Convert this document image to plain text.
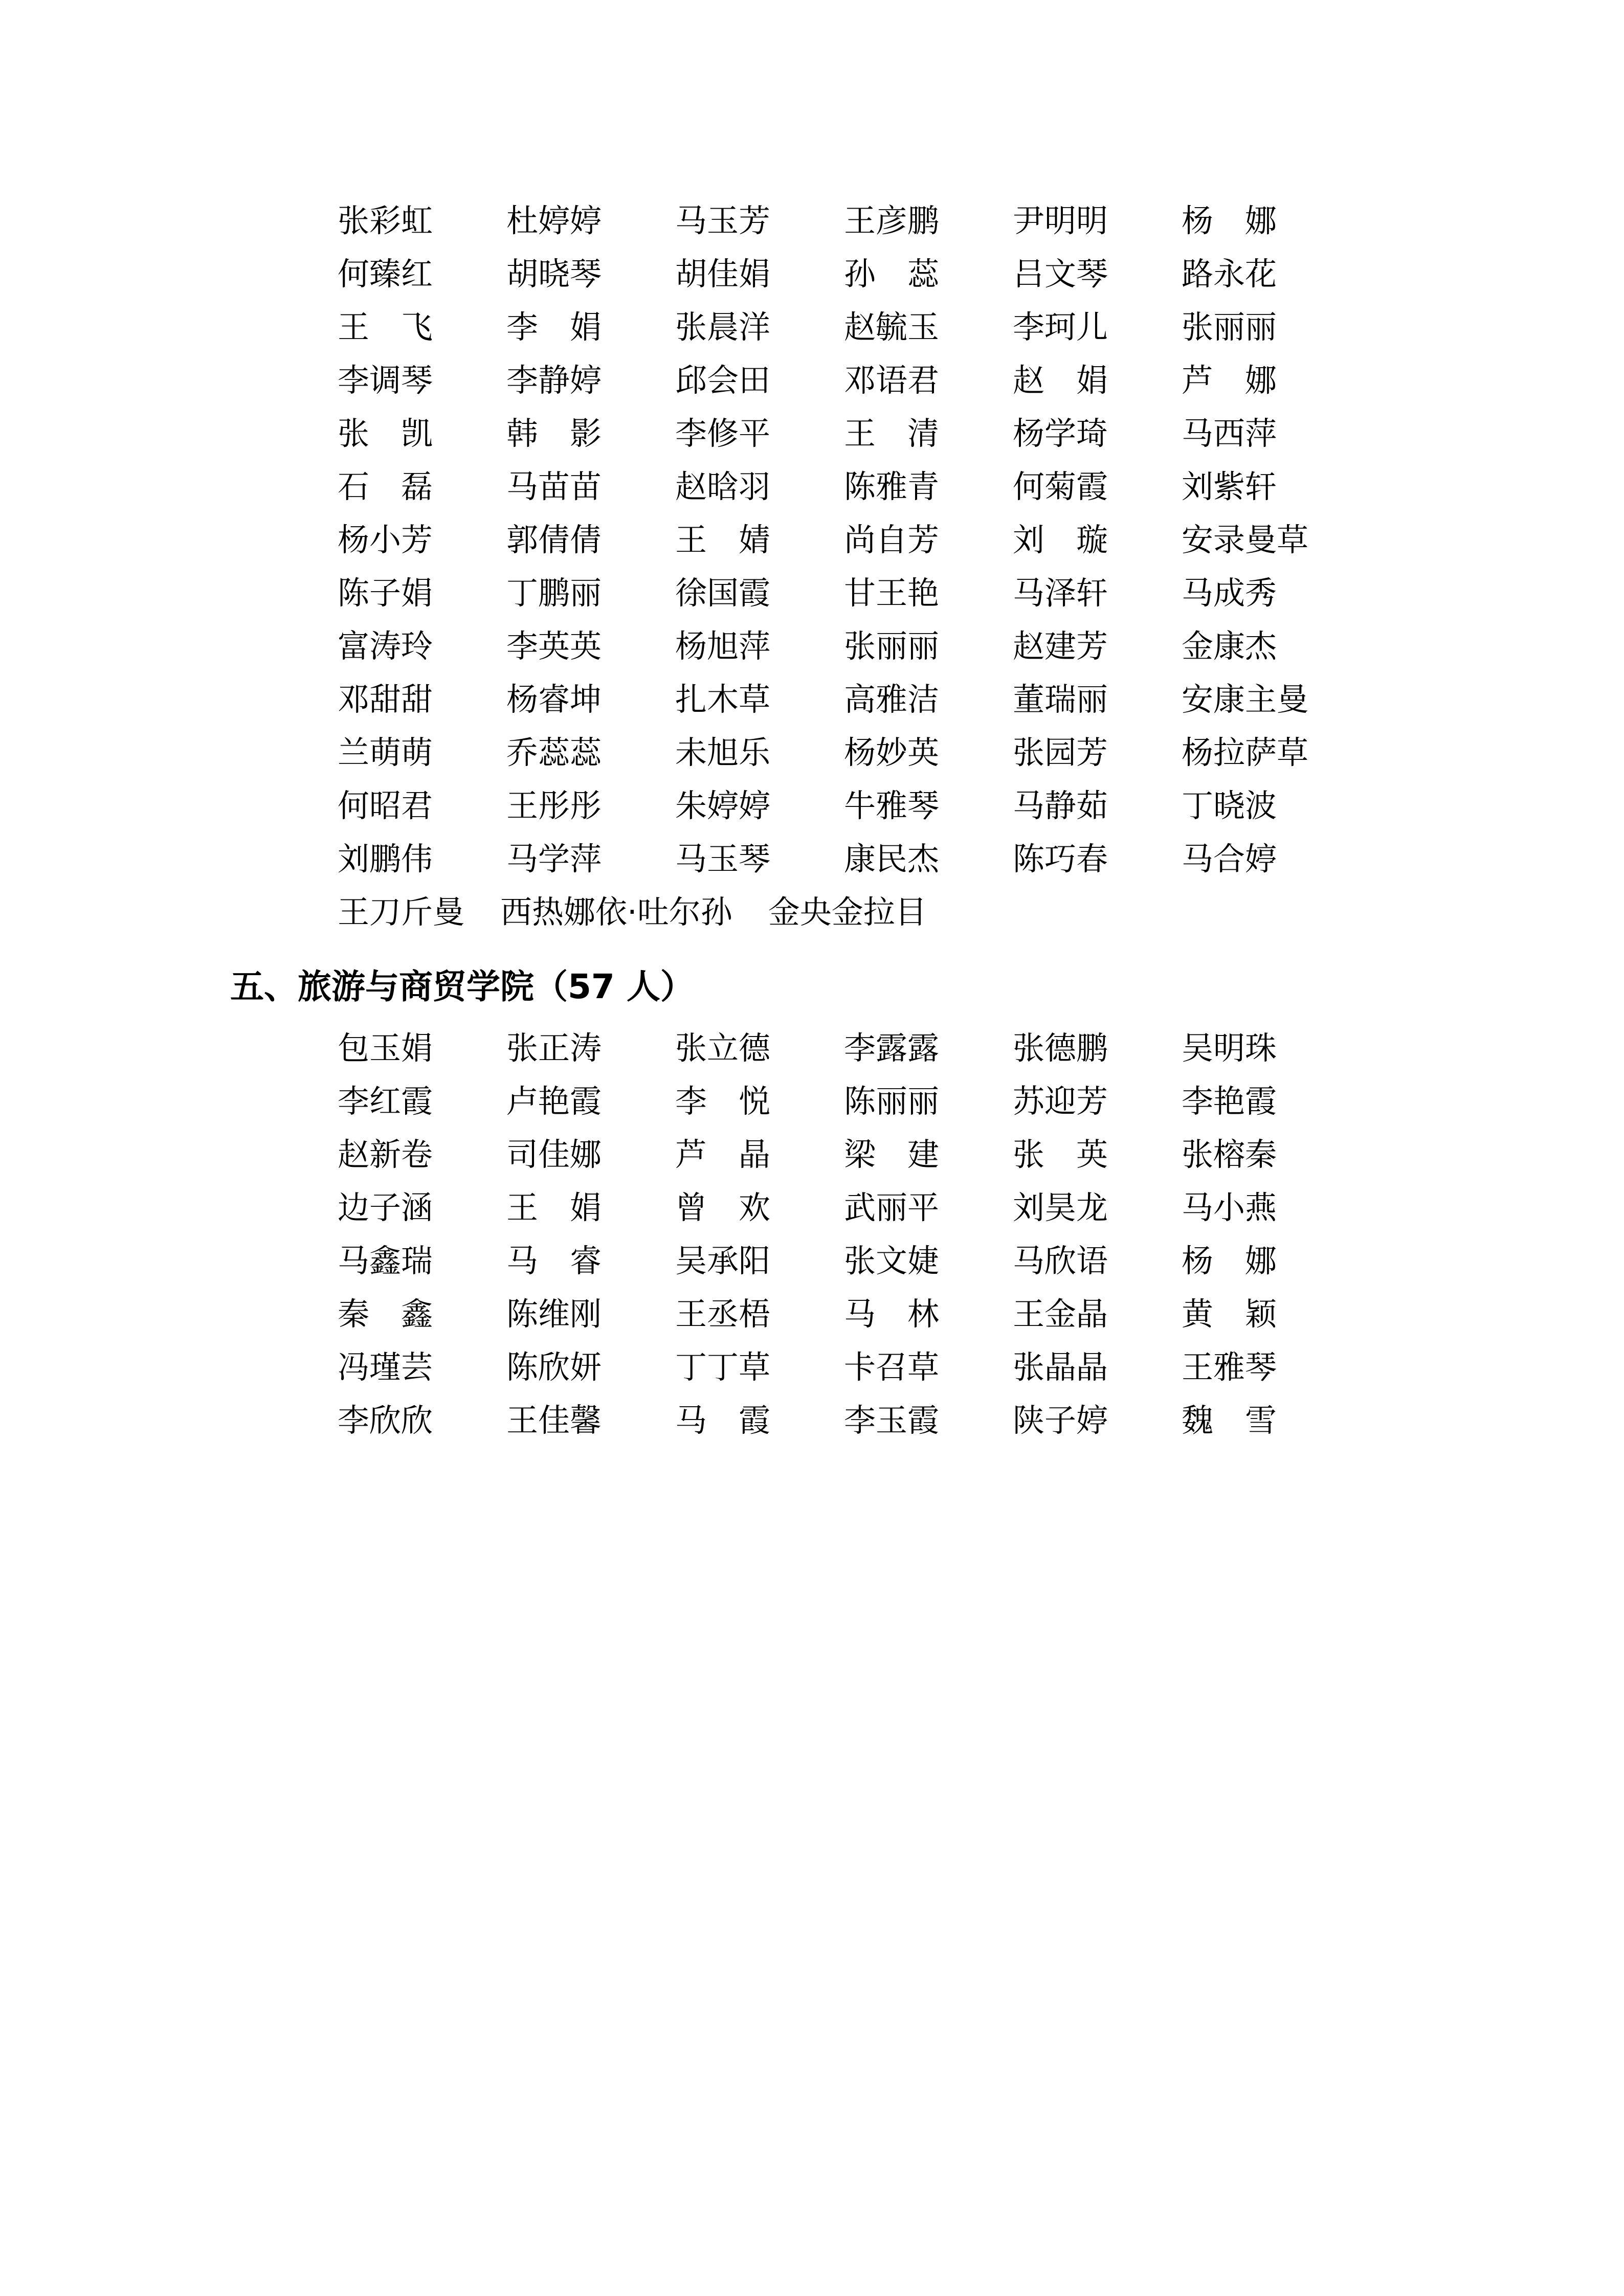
张彩虹	杜婷婷	马玉芳	王彦鹏	尹明明	杨　娜
何臻红	胡晓琴	胡佳娟	孙　蕊	吕文琴	路永花
王　飞	李　娟	张晨洋	赵毓玉	李珂儿	张丽丽
李调琴	李静婷	邱会田	邓语君	赵　娟	芦　娜
张　凯	韩　影	李修平	王　清	杨学琦	马西萍
石　磊	马苗苗	赵晗羽	陈雅青	何菊霞	刘紫轩
杨小芳	郭倩倩	王　婧	尚自芳	刘　璇	安录曼草
陈子娟	丁鹏丽	徐国霞	甘王艳	马泽轩	马成秀
富涛玲	李英英	杨旭萍	张丽丽	赵建芳	金康杰
邓甜甜	杨睿坤	扎木草	高雅洁	董瑞丽	安康主曼
兰萌萌	乔蕊蕊	未旭乐	杨妙英	张园芳	杨拉萨草
何昭君	王彤彤	朱婷婷	牛雅琴	马静茹	丁晓波
刘鹏伟	马学萍	马玉琴	康民杰	陈巧春	马合婷
王刀斤曼	西热娜依·吐尔孙	金央金拉目
五、旅游与商贸学院（57 人）
包玉娟	张正涛	张立德	李露露	张德鹏	吴明珠
李红霞	卢艳霞	李　悦	陈丽丽	苏迎芳	李艳霞
赵新卷	司佳娜	芦　晶	梁　建	张　英	张榕秦
边子涵	王　娟	曾　欢	武丽平	刘昊龙	马小燕
马鑫瑞	马　睿	吴承阳	张文婕	马欣语	杨　娜
秦　鑫	陈维刚	王丞梧	马　林	王金晶	黄　颖
冯瑾芸	陈欣妍	丁丁草	卡召草	张晶晶	王雅琴
李欣欣	王佳馨	马　霞	李玉霞	陕子婷	魏　雪
